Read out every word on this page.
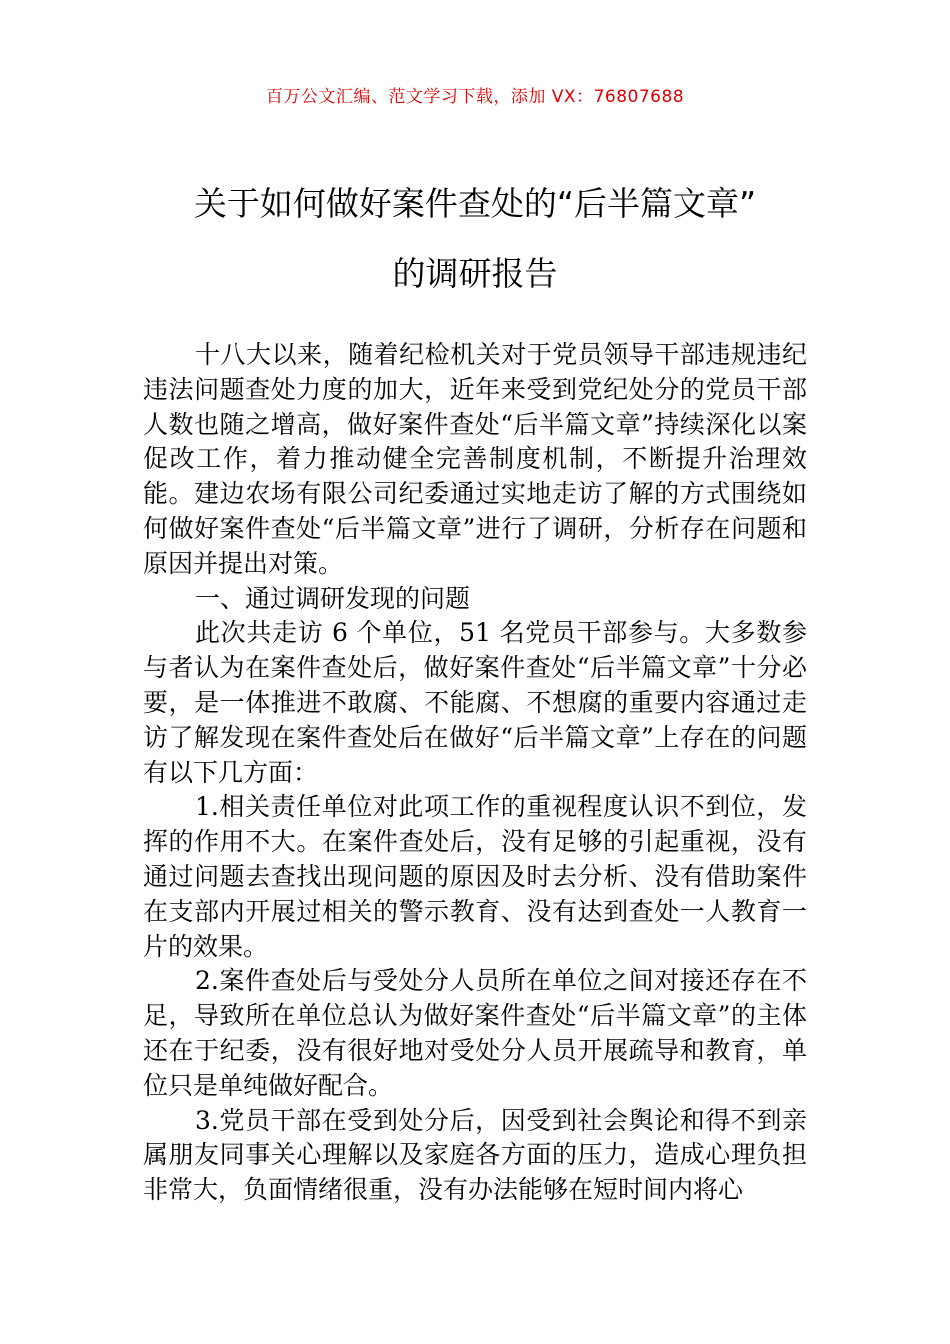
百万公文汇编、范文学习下载，添加 VX：76807688
关于如何做好案件查处的“后半篇文章”
的调研报告

十八大以来，随着纪检机关对于党员领导干部违规违纪违法问题查处力度的加大，近年来受到党纪处分的党员干部人数也随之增高，做好案件查处“后半篇文章”持续深化以案促改工作，着力推动健全完善制度机制，不断提升治理效能。建边农场有限公司纪委通过实地走访了解的方式围绕如何做好案件查处“后半篇文章”进行了调研，分析存在问题和原因并提出对策。

一、通过调研发现的问题

此次共走访 6 个单位，51 名党员干部参与。大多数参与者认为在案件查处后，做好案件查处“后半篇文章”十分必要，是一体推进不敢腐、不能腐、不想腐的重要内容通过走访了解发现在案件查处后在做好“后半篇文章”上存在的问题有以下几方面：

1.相关责任单位对此项工作的重视程度认识不到位，发挥的作用不大。在案件查处后，没有足够的引起重视，没有通过问题去查找出现问题的原因及时去分析、没有借助案件在支部内开展过相关的警示教育、没有达到查处一人教育一片的效果。

2.案件查处后与受处分人员所在单位之间对接还存在不足，导致所在单位总认为做好案件查处“后半篇文章”的主体还在于纪委，没有很好地对受处分人员开展疏导和教育，单位只是单纯做好配合。

3.党员干部在受到处分后，因受到社会舆论和得不到亲属朋友同事关心理解以及家庭各方面的压力，造成心理负担非常大，负面情绪很重，没有办法能够在短时间内将心
